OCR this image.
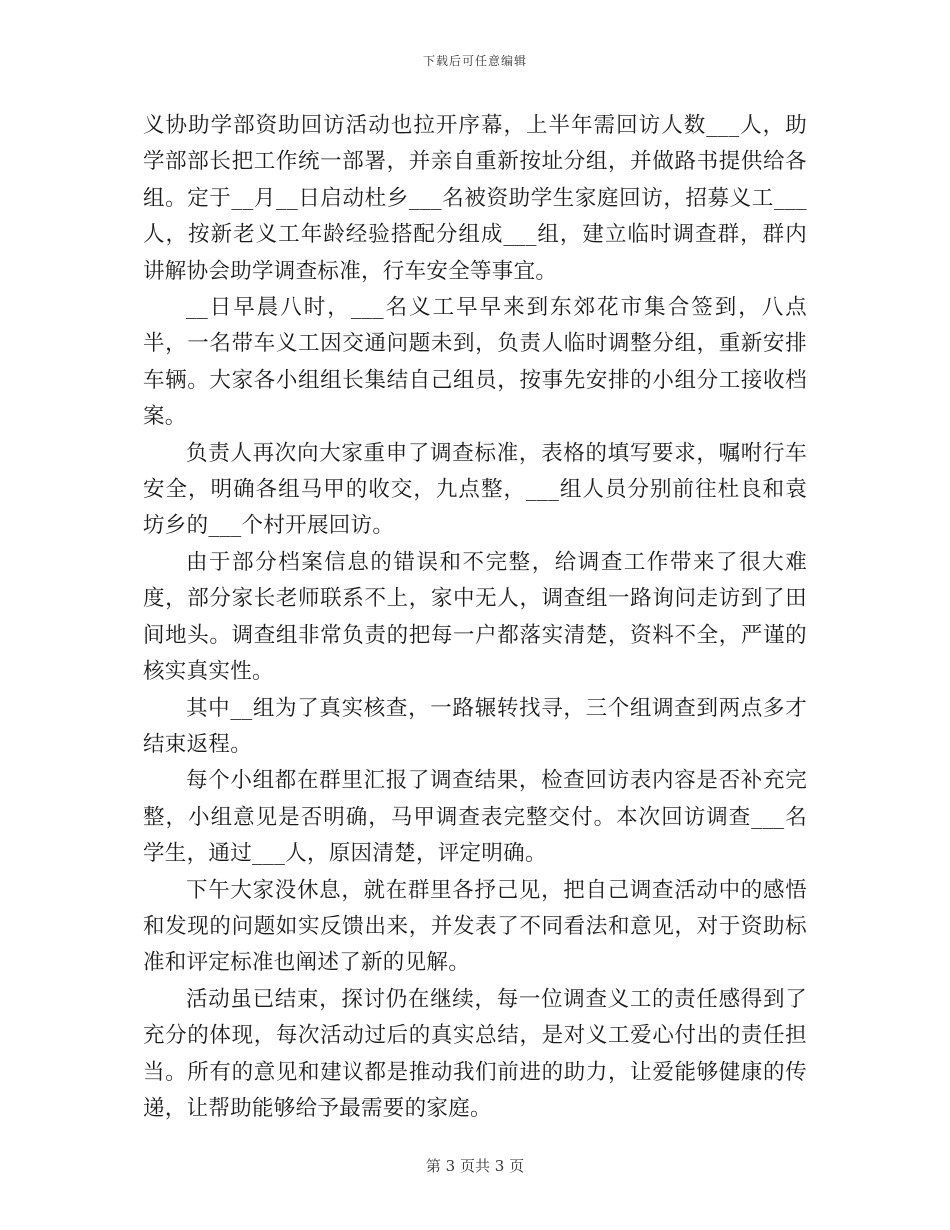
下载后可任意编辑

义协助学部资助回访活动也拉开序幕，上半年需回访人数___人，助学部部长把工作统一部署，并亲自重新按址分组，并做路书提供给各组。定于__月__日启动杜乡___名被资助学生家庭回访，招募义工___人，按新老义工年龄经验搭配分组成___组，建立临时调查群，群内讲解协会助学调查标准，行车安全等事宜。

__日早晨八时，___名义工早早来到东郊花市集合签到，八点半，一名带车义工因交通问题未到，负责人临时调整分组，重新安排车辆。大家各小组组长集结自己组员，按事先安排的小组分工接收档案。

负责人再次向大家重申了调查标准，表格的填写要求，嘱咐行车安全，明确各组马甲的收交，九点整，___组人员分别前往杜良和袁坊乡的___个村开展回访。

由于部分档案信息的错误和不完整，给调查工作带来了很大难度，部分家长老师联系不上，家中无人，调查组一路询问走访到了田间地头。调查组非常负责的把每一户都落实清楚，资料不全，严谨的核实真实性。

其中__组为了真实核查，一路辗转找寻，三个组调查到两点多才结束返程。

每个小组都在群里汇报了调查结果，检查回访表内容是否补充完整，小组意见是否明确，马甲调查表完整交付。本次回访调查___名学生，通过___人，原因清楚，评定明确。

下午大家没休息，就在群里各抒己见，把自己调查活动中的感悟和发现的问题如实反馈出来，并发表了不同看法和意见，对于资助标准和评定标准也阐述了新的见解。

活动虽已结束，探讨仍在继续，每一位调查义工的责任感得到了充分的体现，每次活动过后的真实总结，是对义工爱心付出的责任担当。所有的意见和建议都是推动我们前进的助力，让爱能够健康的传递，让帮助能够给予最需要的家庭。

第 3 页共 3 页
